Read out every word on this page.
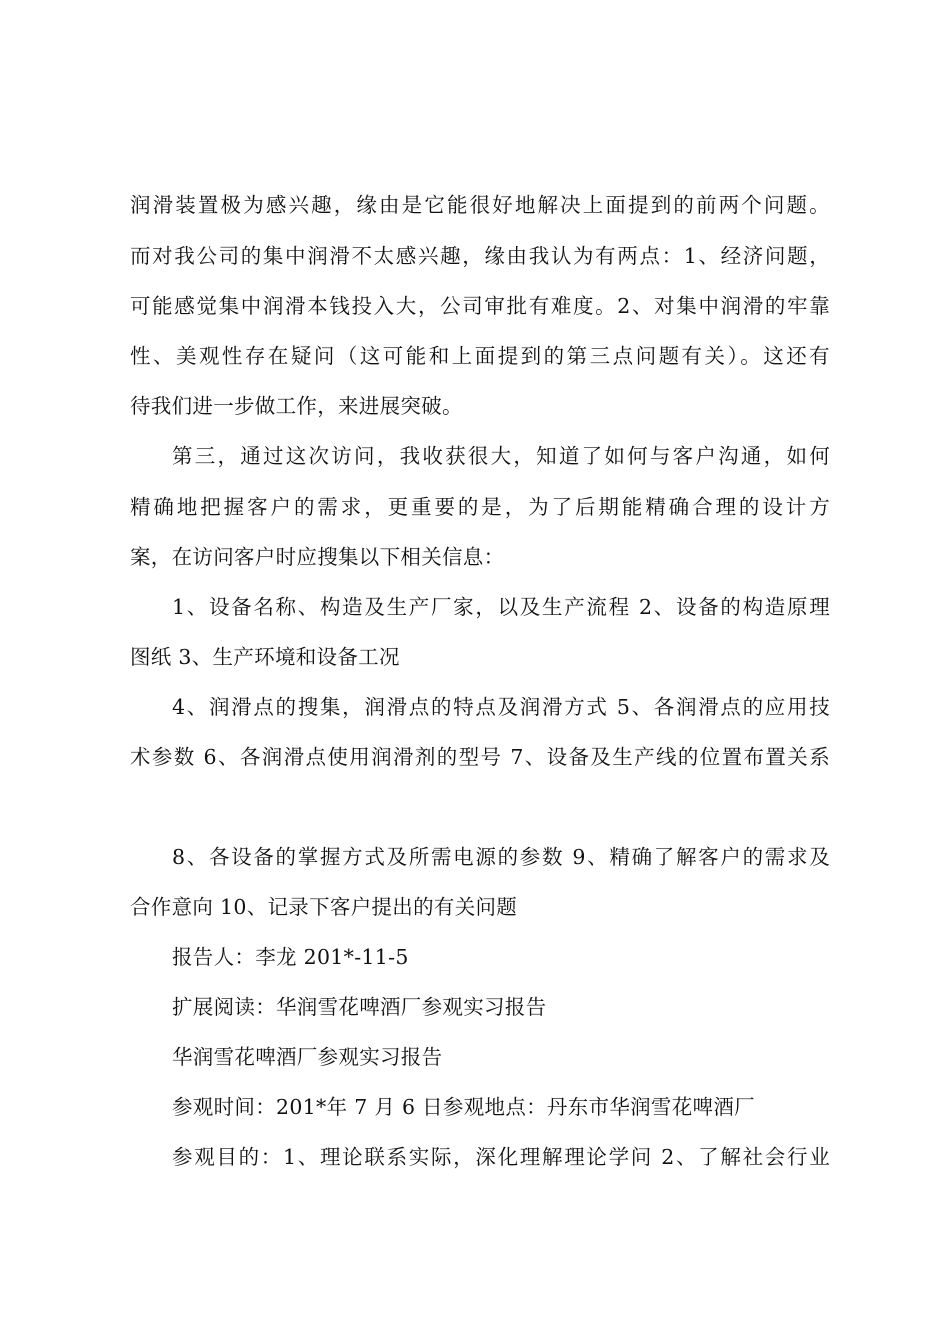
润滑装置极为感兴趣，缘由是它能很好地解决上面提到的前两个问题。
而对我公司的集中润滑不太感兴趣，缘由我认为有两点：1、经济问题，
可能感觉集中润滑本钱投入大，公司审批有难度。2、对集中润滑的牢靠
性、美观性存在疑问（这可能和上面提到的第三点问题有关）。这还有
待我们进一步做工作，来进展突破。
第三，通过这次访问，我收获很大，知道了如何与客户沟通，如何
精确地把握客户的需求，更重要的是，为了后期能精确合理的设计方
案，在访问客户时应搜集以下相关信息：
1、设备名称、构造及生产厂家，以及生产流程 2、设备的构造原理
图纸 3、生产环境和设备工况
4、润滑点的搜集，润滑点的特点及润滑方式 5、各润滑点的应用技
术参数 6、各润滑点使用润滑剂的型号 7、设备及生产线的位置布置关系
8、各设备的掌握方式及所需电源的参数 9、精确了解客户的需求及
合作意向 10、记录下客户提出的有关问题
报告人：李龙 201*-11-5
扩展阅读：华润雪花啤酒厂参观实习报告
华润雪花啤酒厂参观实习报告
参观时间：201*年 7 月 6 日参观地点：丹东市华润雪花啤酒厂
参观目的：1、理论联系实际，深化理解理论学问 2、了解社会行业
